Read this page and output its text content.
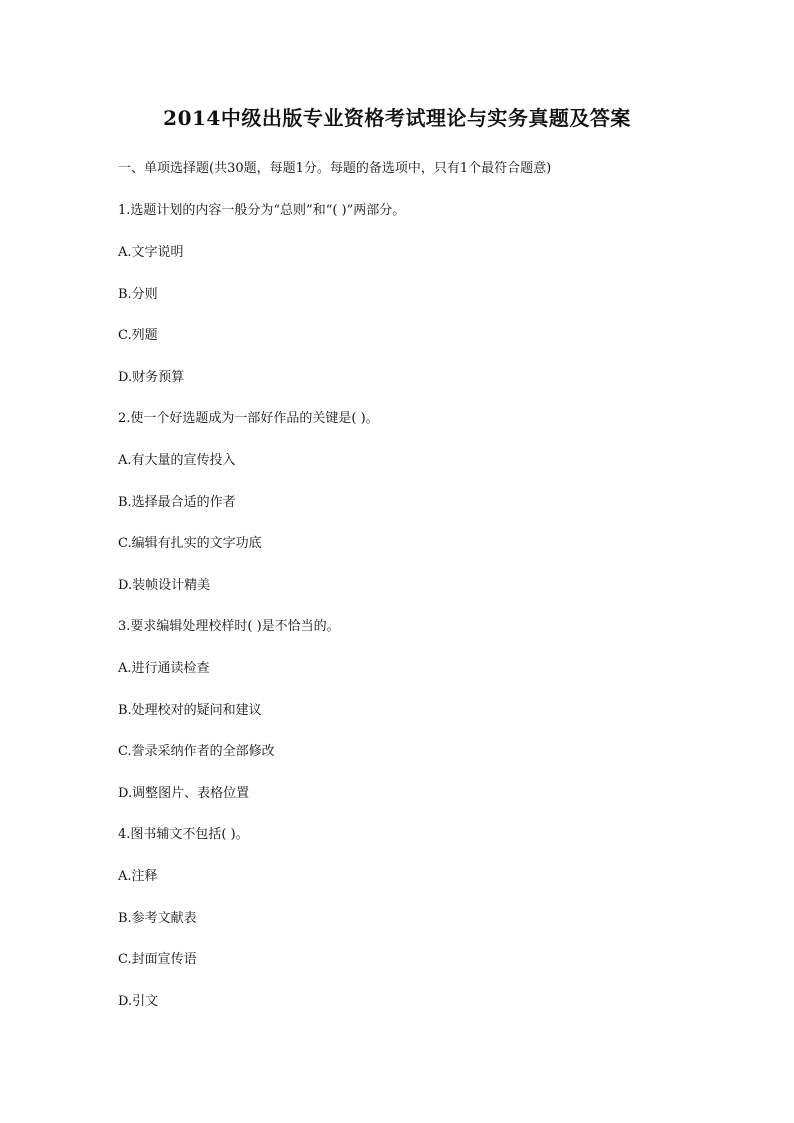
2014中级出版专业资格考试理论与实务真题及答案
一、单项选择题(共30题，每题1分。每题的备选项中，只有1个最符合题意)
1.选题计划的内容一般分为“总则”和“( )”两部分。
A.文字说明
B.分则
C.列题
D.财务预算
2.使一个好选题成为一部好作品的关键是( )。
A.有大量的宣传投入
B.选择最合适的作者
C.编辑有扎实的文字功底
D.装帧设计精美
3.要求编辑处理校样时( )是不恰当的。
A.进行通读检查
B.处理校对的疑问和建议
C.誊录采纳作者的全部修改
D.调整图片、表格位置
4.图书辅文不包括( )。
A.注释
B.参考文献表
C.封面宣传语
D.引文
